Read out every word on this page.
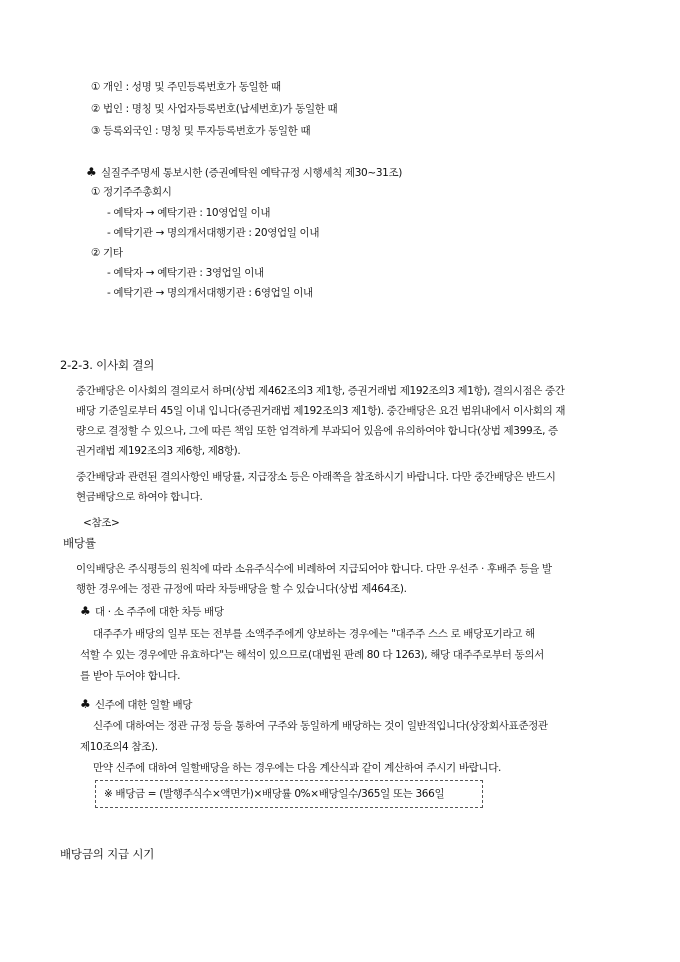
① 개인 : 성명 및 주민등록번호가 동일한 때
② 법인 : 명칭 및 사업자등록번호(납세번호)가 동일한 때
③ 등록외국인 : 명칭 및 투자등록번호가 동일한 때
♣ 실질주주명세 통보시한 (증권예탁원 예탁규정 시행세칙 제30~31조)
① 정기주주총회시
- 예탁자 → 예탁기관 : 10영업일 이내
- 예탁기관 → 명의개서대행기관 : 20영업일 이내
② 기타
- 예탁자 → 예탁기관 : 3영업일 이내
- 예탁기관 → 명의개서대행기관 : 6영업일 이내
2-2-3. 이사회 결의
중간배당은 이사회의 결의로서 하며(상법 제462조의3 제1항, 증권거래법 제192조의3 제1항), 결의시점은 중간
배당 기준일로부터 45일 이내 입니다(증권거래법 제192조의3 제1항). 중간배당은 요건 범위내에서 이사회의 재
량으로 결정할 수 있으나, 그에 따른 책임 또한 엄격하게 부과되어 있음에 유의하여야 합니다(상법 제399조, 증
권거래법 제192조의3 제6항, 제8항).
중간배당과 관련된 결의사항인 배당률, 지급장소 등은 아래쪽을 참조하시기 바랍니다. 다만 중간배당은 반드시
현금배당으로 하여야 합니다.
<참조>
배당률
이익배당은 주식평등의 원칙에 따라 소유주식수에 비례하여 지급되어야 합니다. 다만 우선주 · 후배주 등을 발
행한 경우에는 정관 규정에 따라 차등배당을 할 수 있습니다(상법 제464조).
♣ 대 · 소 주주에 대한 차등 배당
대주주가 배당의 일부 또는 전부를 소액주주에게 양보하는 경우에는 "대주주 스스 로 배당포기라고 해
석할 수 있는 경우에만 유효하다"는 해석이 있으므로(대법원 판례 80 다 1263), 해당 대주주로부터 동의서
를 받아 두어야 합니다.
♣ 신주에 대한 일할 배당
신주에 대하여는 정관 규정 등을 통하여 구주와 동일하게 배당하는 것이 일반적입니다(상장회사표준정관
제10조의4 참조).
만약 신주에 대하여 일할배당을 하는 경우에는 다음 계산식과 같이 계산하여 주시기 바랍니다.
※ 배당금 = (발행주식수×액면가)×배당률 0%×배당일수/365일 또는 366일
배당금의 지급 시기
